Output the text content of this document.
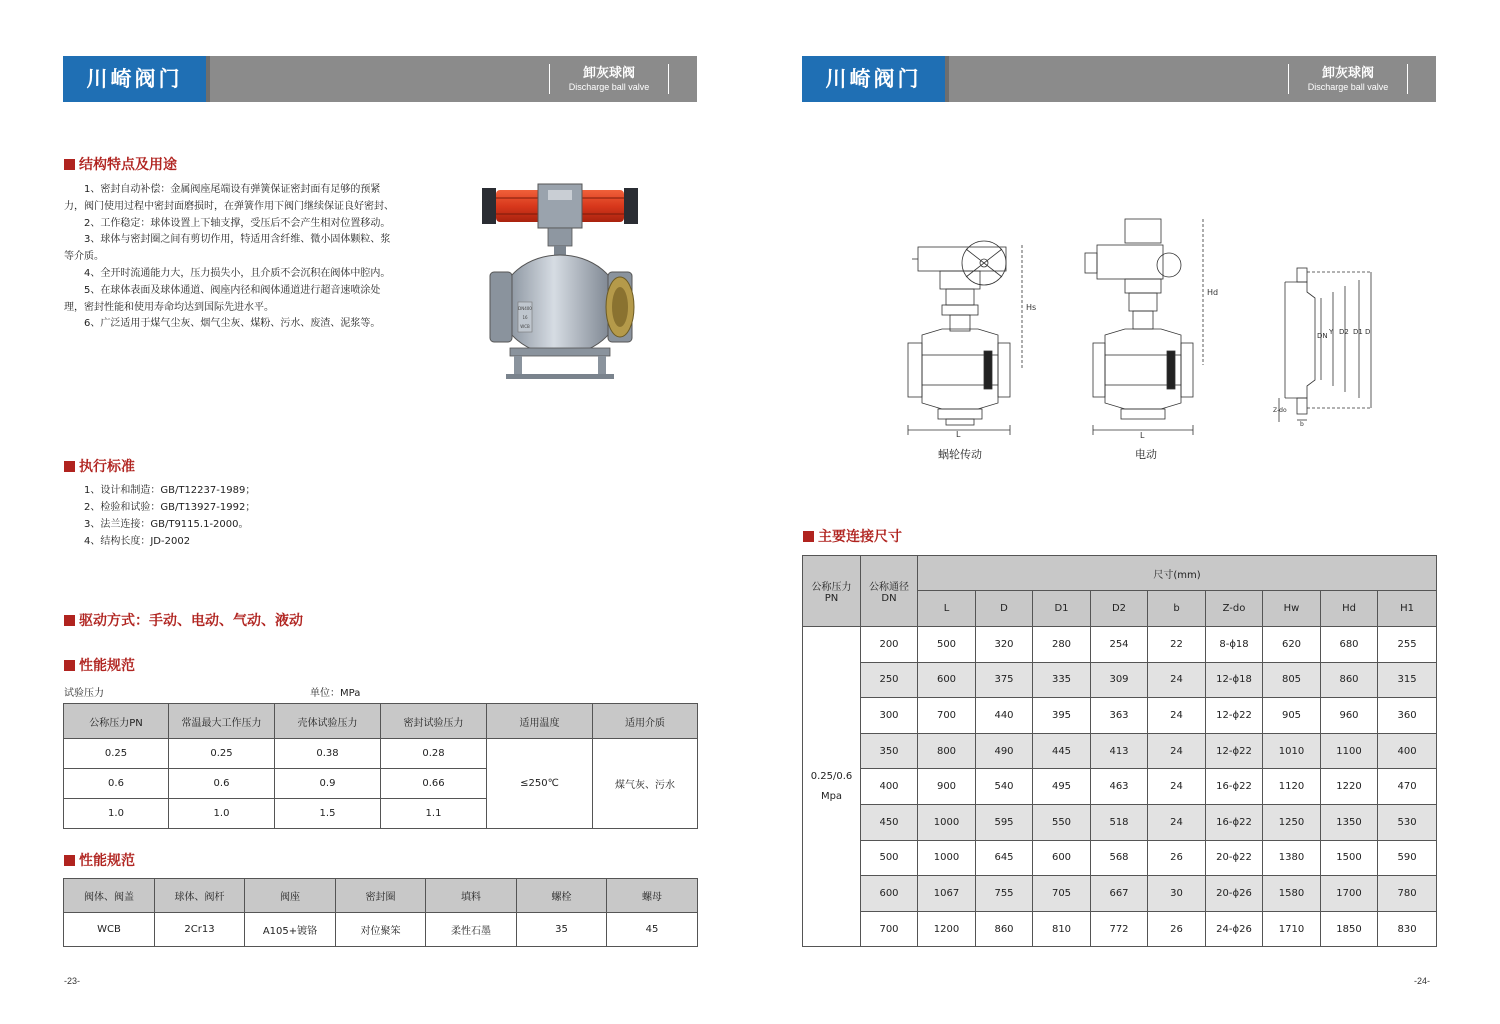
川崎阀门	卸灰球阀
Discharge ball valve
结构特点及用途

1、密封自动补偿：金属阀座尾端设有弹簧保证密封面有足够的预紧力，阀门使用过程中密封面磨损时，在弹簧作用下阀门继续保证良好密封、

2、工作稳定：球体设置上下轴支撑，受压后不会产生相对位置移动。

3、球体与密封圈之间有剪切作用，特适用含纤维、微小固体颗粒、浆等介质。

4、全开时流通能力大，压力损失小，且介质不会沉积在阀体中腔内。

5、在球体表面及球体通道、阀座内径和阀体通道进行超音速喷涂处理，密封性能和使用寿命均达到国际先进水平。

6、广泛适用于煤气尘灰、烟气尘灰、煤粉、污水、废渣、泥浆等。

DN400
16
WCB
执行标准

1、设计和制造：GB/T12237-1989；

2、检验和试验：GB/T13927-1992；

3、法兰连接：GB/T9115.1-2000。

4、结构长度：JD-2002

驱动方式：手动、电动、气动、液动
性能规范
试验压力	单位：MPa
公称压力PN	常温最大工作压力	壳体试验压力	密封试验压力	适用温度	适用介质
0.25	0.25	0.38	0.28	≤250℃	煤气灰、污水
0.6	0.6	0.9	0.66		
1.0	1.0	1.5	1.1		
性能规范
阀体、阀盖	球体、阀杆	阀座	密封圈	填料	螺栓	螺母
WCB	2Cr13	A105+镀铬	对位聚笨	柔性石墨	35	45
-23-
川崎阀门	卸灰球阀
Discharge ball valve
Hs
L
蜗轮传动
Hd
L
电动
DN Y D2 D1 D
Z-do
b
主要连接尺寸
公称压力PN	公称通径DN	尺寸(mm)								
		L	D	D1	D2	b	Z-do	Hw	Hd	H1

0.25/0.6
Mpa	200	500	320	280	254	22	8-ϕ18	620	680	255
	250	600	375	335	309	24	12-ϕ18	805	860	315
	300	700	440	395	363	24	12-ϕ22	905	960	360
	350	800	490	445	413	24	12-ϕ22	1010	1100	400
	400	900	540	495	463	24	16-ϕ22	1120	1220	470
	450	1000	595	550	518	24	16-ϕ22	1250	1350	530
	500	1000	645	600	568	26	20-ϕ22	1380	1500	590
	600	1067	755	705	667	30	20-ϕ26	1580	1700	780
	700	1200	860	810	772	26	24-ϕ26	1710	1850	830
-24-
